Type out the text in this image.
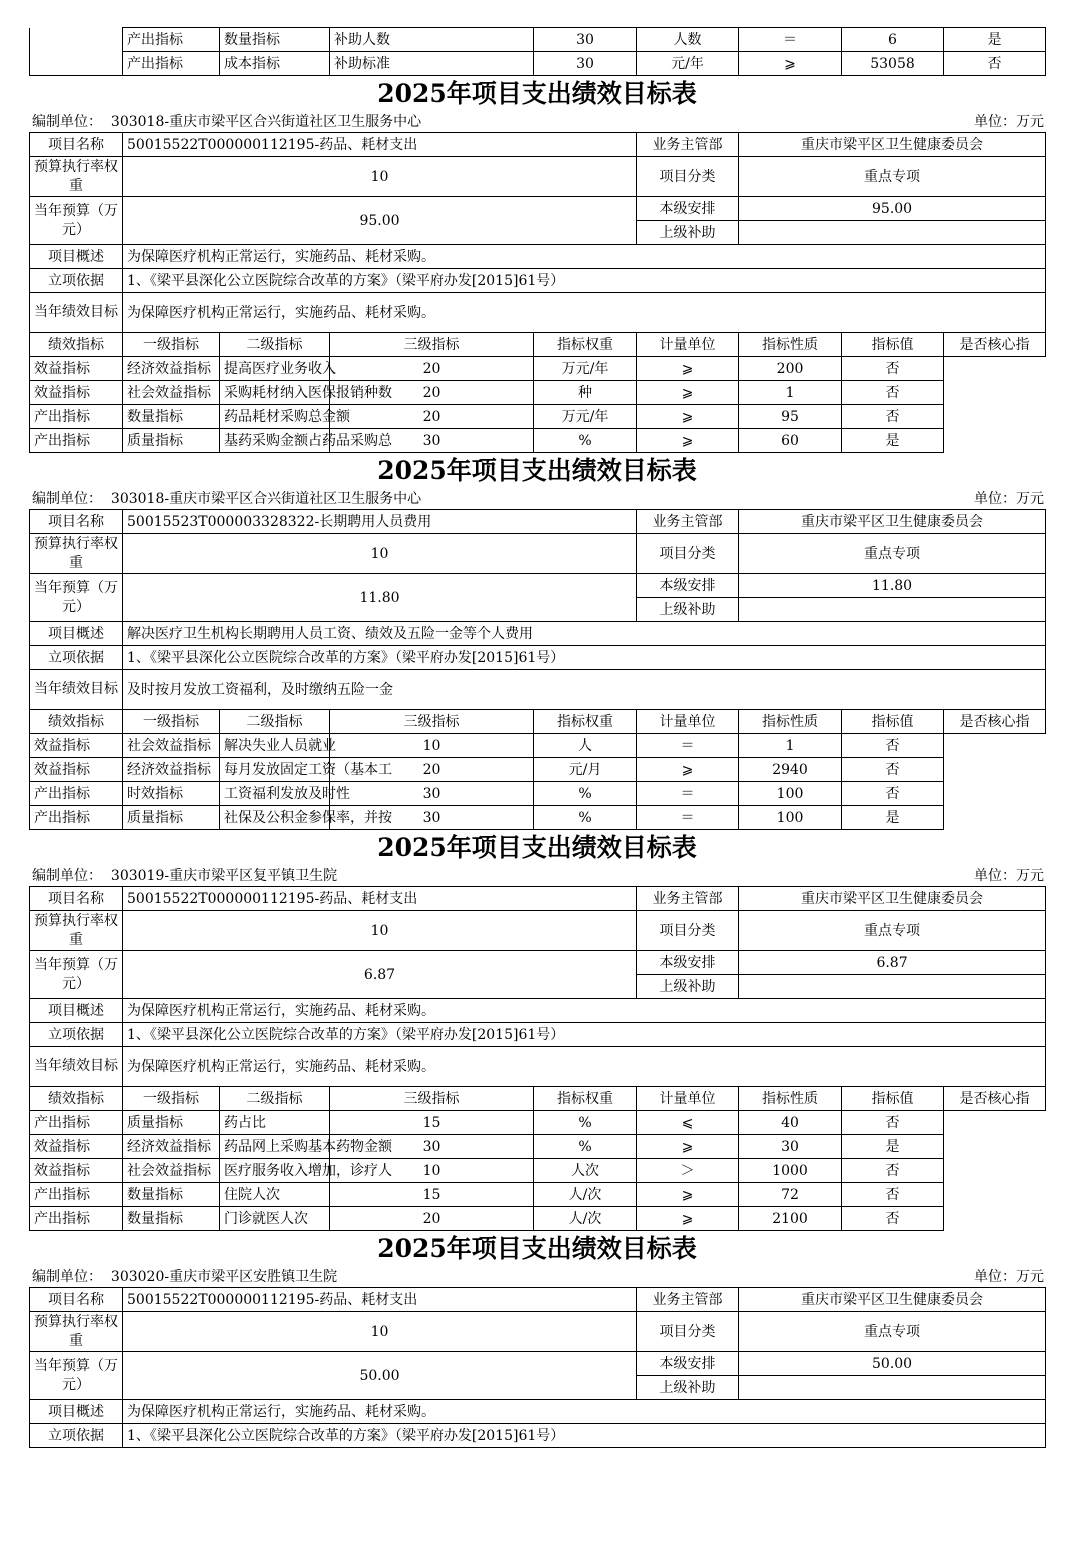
	产出指标	数量指标	补助人数	30	人数	＝	6	是
	产出指标	成本指标	补助标准	30	元/年	⩾	53058	否
2025年项目支出绩效目标表
编制单位： 303018-重庆市梁平区合兴街道社区卫生服务中心	单位：万元
项目名称	50015522T000000112195-药品、耗材支出				业务主管部	重庆市梁平区卫生健康委员会		
预算执行率权重	10				项目分类	重点专项		
当年预算（万元）	95.00				本级安排	95.00		
					上级补助			
项目概述	为保障医疗机构正常运行，实施药品、耗材采购。							
立项依据	1、《梁平县深化公立医院综合改革的方案》（梁平府办发[2015]61号）							
当年绩效目标	为保障医疗机构正常运行，实施药品、耗材采购。							
绩效指标	一级指标	二级指标	三级指标	指标权重	计量单位	指标性质	指标值	是否核心指
效益指标	经济效益指标	提高医疗业务收入	20	万元/年	⩾	200	否	
效益指标	社会效益指标	采购耗材纳入医保报销种数	20	种	⩾	1	否	
产出指标	数量指标	药品耗材采购总金额	20	万元/年	⩾	95	否	
产出指标	质量指标	基药采购金额占药品采购总	30	%	⩾	60	是	
2025年项目支出绩效目标表
编制单位： 303018-重庆市梁平区合兴街道社区卫生服务中心	单位：万元
项目名称	50015523T000003328322-长期聘用人员费用				业务主管部	重庆市梁平区卫生健康委员会		
预算执行率权重	10				项目分类	重点专项		
当年预算（万元）	11.80				本级安排	11.80		
					上级补助			
项目概述	解决医疗卫生机构长期聘用人员工资、绩效及五险一金等个人费用							
立项依据	1、《梁平县深化公立医院综合改革的方案》（梁平府办发[2015]61号）							
当年绩效目标	及时按月发放工资福利，及时缴纳五险一金							
绩效指标	一级指标	二级指标	三级指标	指标权重	计量单位	指标性质	指标值	是否核心指
效益指标	社会效益指标	解决失业人员就业	10	人	＝	1	否	
效益指标	经济效益指标	每月发放固定工资（基本工	20	元/月	⩾	2940	否	
产出指标	时效指标	工资福利发放及时性	30	%	＝	100	否	
产出指标	质量指标	社保及公积金参保率，并按	30	%	＝	100	是	
2025年项目支出绩效目标表
编制单位： 303019-重庆市梁平区复平镇卫生院	单位：万元
项目名称	50015522T000000112195-药品、耗材支出				业务主管部	重庆市梁平区卫生健康委员会		
预算执行率权重	10				项目分类	重点专项		
当年预算（万元）	6.87				本级安排	6.87		
					上级补助			
项目概述	为保障医疗机构正常运行，实施药品、耗材采购。							
立项依据	1、《梁平县深化公立医院综合改革的方案》（梁平府办发[2015]61号）							
当年绩效目标	为保障医疗机构正常运行，实施药品、耗材采购。							
绩效指标	一级指标	二级指标	三级指标	指标权重	计量单位	指标性质	指标值	是否核心指
产出指标	质量指标	药占比	15	%	⩽	40	否	
效益指标	经济效益指标	药品网上采购基本药物金额	30	%	⩾	30	是	
效益指标	社会效益指标	医疗服务收入增加，诊疗人	10	人次	＞	1000	否	
产出指标	数量指标	住院人次	15	人/次	⩾	72	否	
产出指标	数量指标	门诊就医人次	20	人/次	⩾	2100	否	
2025年项目支出绩效目标表
编制单位： 303020-重庆市梁平区安胜镇卫生院	单位：万元
项目名称	50015522T000000112195-药品、耗材支出	业务主管部	重庆市梁平区卫生健康委员会
预算执行率权重	10	项目分类	重点专项
当年预算（万元）	50.00	本级安排	50.00
		上级补助	
项目概述	为保障医疗机构正常运行，实施药品、耗材采购。		
立项依据	1、《梁平县深化公立医院综合改革的方案》（梁平府办发[2015]61号）		
